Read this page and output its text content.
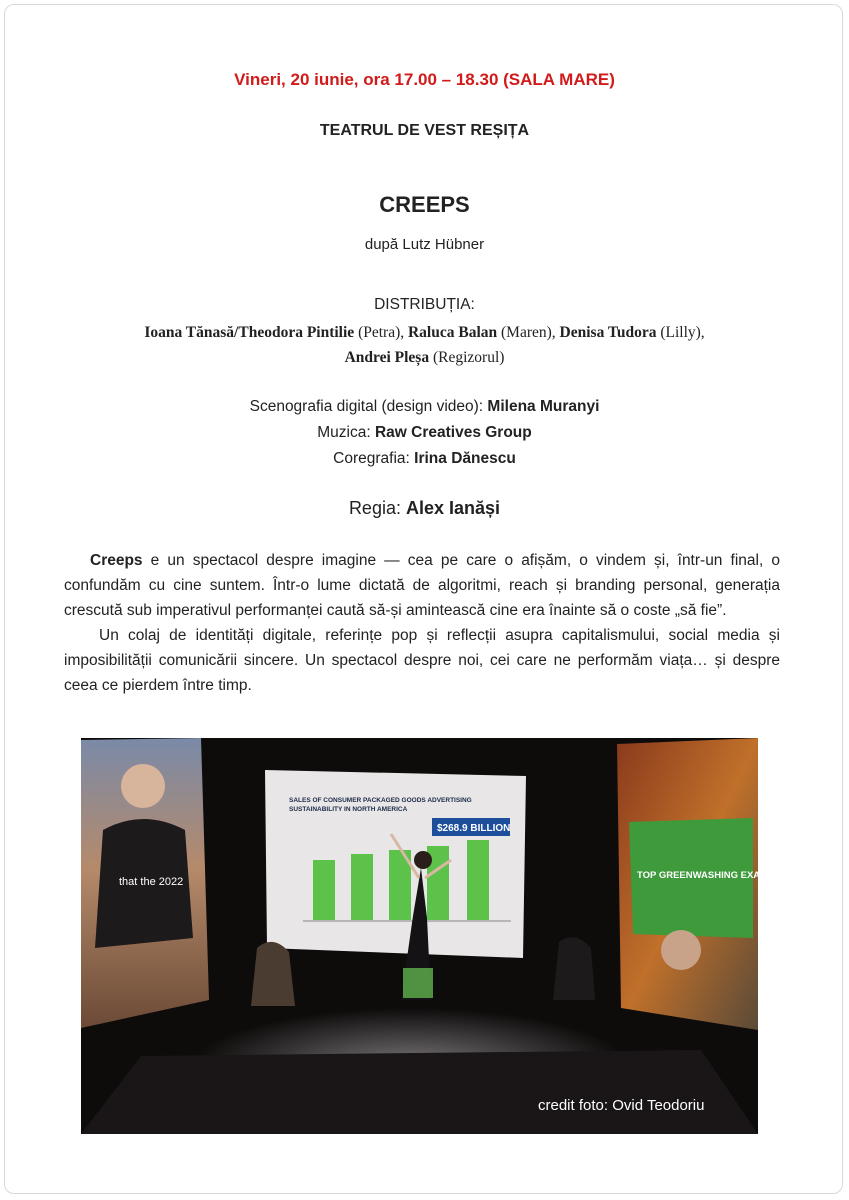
Vineri, 20 iunie, ora 17.00 – 18.30 (SALA MARE)
TEATRUL DE VEST REȘIȚA
CREEPS
după Lutz Hübner
DISTRIBUȚIA:
Ioana Tănasă/Theodora Pintilie (Petra), Raluca Balan (Maren), Denisa Tudora (Lilly),
Andrei Pleșa (Regizorul)
Scenografia digital (design video): Milena Muranyi
Muzica: Raw Creatives Group
Coregrafia: Irina Dănescu
Regia: Alex Ianăși

Creeps e un spectacol despre imagine — cea pe care o afișăm, o vindem și, într-un final, o confundăm cu cine suntem. Într-o lume dictată de algoritmi, reach și branding personal, generația crescută sub imperativul performanței caută să-și amintească cine era înainte să o coste „să fie”.

Un colaj de identități digitale, referințe pop și reflecții asupra capitalismului, social media și imposibilității comunicării sincere. Un spectacol despre noi, cei care ne performăm viața… și despre ceea ce pierdem între timp.

that the 2022
SALES OF CONSUMER PACKAGED GOODS ADVERTISING SUSTAINABILITY IN NORTH AMERICA
$268.9 BILLION
TOP GREENWASHING EXAMPLES!
credit foto: Ovid Teodoriu
